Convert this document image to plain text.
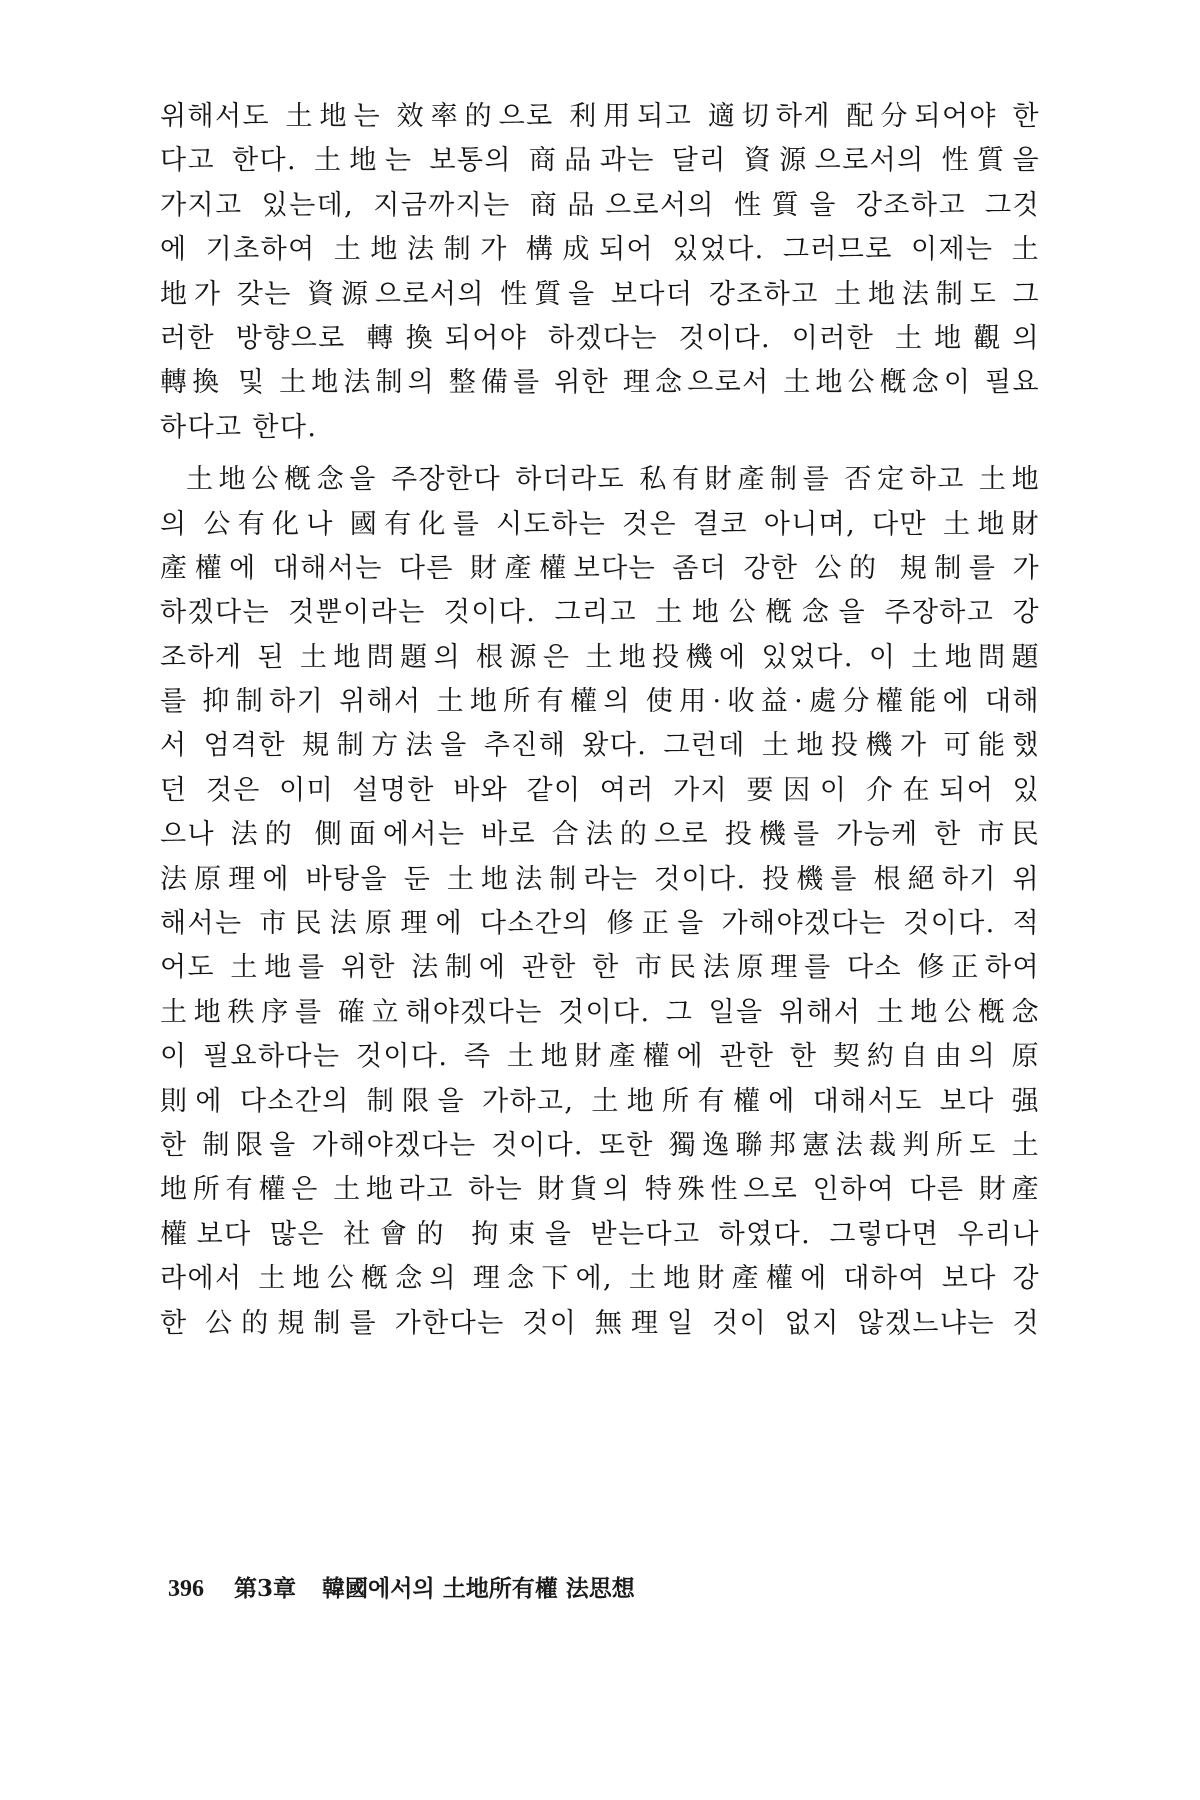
위해서도 土地는 效率的으로 利用되고 適切하게 配分되어야 한
다고 한다. 土地는 보통의 商品과는 달리 資源으로서의 性質을
가지고 있는데, 지금까지는 商品으로서의 性質을 강조하고 그것
에 기초하여 土地法制가 構成되어 있었다. 그러므로 이제는 土
地가 갖는 資源으로서의 性質을 보다더 강조하고 土地法制도 그
러한 방향으로 轉換되어야 하겠다는 것이다. 이러한 土地觀의
轉換 및 土地法制의 整備를 위한 理念으로서 土地公槪念이 필요
하다고 한다.
土地公槪念을 주장한다 하더라도 私有財產制를 否定하고 土地
의 公有化나 國有化를 시도하는 것은 결코 아니며, 다만 土地財
產權에 대해서는 다른 財產權보다는 좀더 강한 公的 規制를 가
하겠다는 것뿐이라는 것이다. 그리고 土地公槪念을 주장하고 강
조하게 된 土地問題의 根源은 土地投機에 있었다. 이 土地問題
를 抑制하기 위해서 土地所有權의 使用·收益·處分權能에 대해
서 엄격한 規制方法을 추진해 왔다. 그런데 土地投機가 可能했
던 것은 이미 설명한 바와 같이 여러 가지 要因이 介在되어 있
으나 法的 側面에서는 바로 合法的으로 投機를 가능케 한 市民
法原理에 바탕을 둔 土地法制라는 것이다. 投機를 根絕하기 위
해서는 市民法原理에 다소간의 修正을 가해야겠다는 것이다. 적
어도 土地를 위한 法制에 관한 한 市民法原理를 다소 修正하여
土地秩序를 確立해야겠다는 것이다. 그 일을 위해서 土地公槪念
이 필요하다는 것이다. 즉 土地財產權에 관한 한 契約自由의 原
則에 다소간의 制限을 가하고, 土地所有權에 대해서도 보다 强
한 制限을 가해야겠다는 것이다. 또한 獨逸聯邦憲法裁判所도 土
地所有權은 土地라고 하는 財貨의 特殊性으로 인하여 다른 財產
權보다 많은 社會的 拘束을 받는다고 하였다. 그렇다면 우리나
라에서 土地公槪念의 理念下에, 土地財產權에 대하여 보다 강
한 公的規制를 가한다는 것이 無理일 것이 없지 않겠느냐는 것
396 第3章 韓國에서의 土地所有權 法思想
